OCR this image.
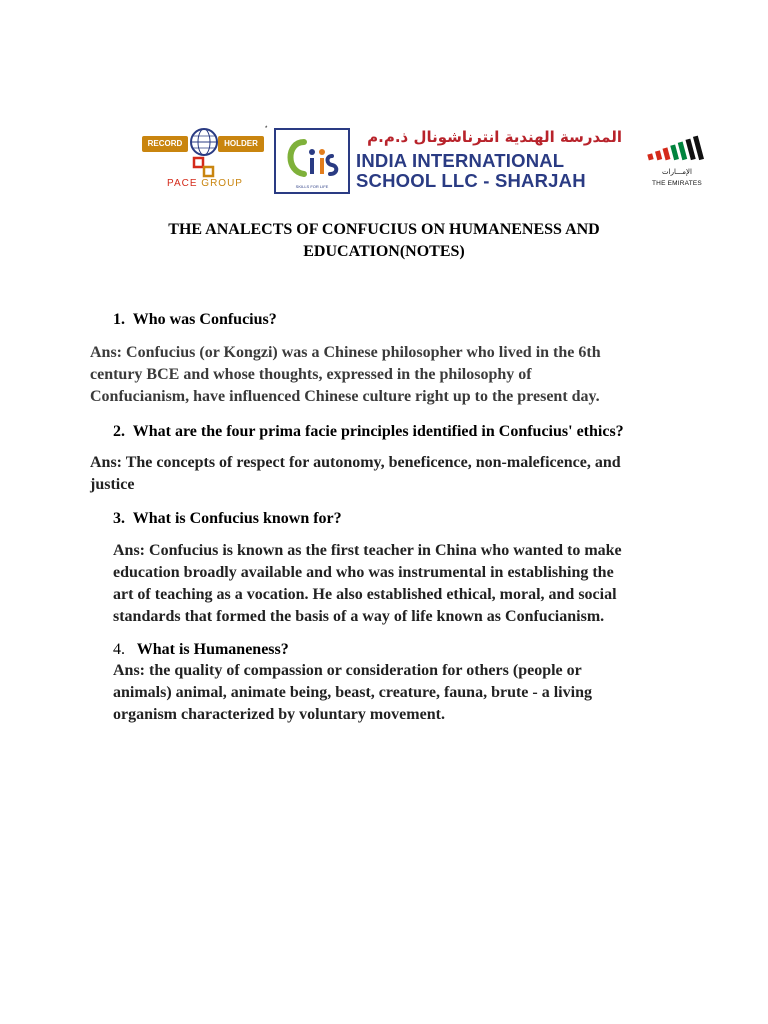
RECORD	HOLDER
PACE GROUP
*
SKILLS FOR LIFE
المدرسة الهندية انترناشونال ذ.م.م
INDIA INTERNATIONAL
SCHOOL LLC - SHARJAH	الإمـــارات
THE EMIRATES
THE ANALECTS OF CONFUCIUS ON HUMANENESS AND
EDUCATION(NOTES)
1. Who was Confucius?
Ans: Confucius (or Kongzi) was a Chinese philosopher who lived in the 6th
century BCE and whose thoughts, expressed in the philosophy of
Confucianism, have influenced Chinese culture right up to the present day.
2. What are the four prima facie principles identified in Confucius' ethics?
Ans: The concepts of respect for autonomy, beneficence, non-maleficence, and
justice
3. What is Confucius known for?
Ans: Confucius is known as the first teacher in China who wanted to make
education broadly available and who was instrumental in establishing the
art of teaching as a vocation. He also established ethical, moral, and social
standards that formed the basis of a way of life known as Confucianism.
4. What is Humaneness?
Ans: the quality of compassion or consideration for others (people or
animals) animal, animate being, beast, creature, fauna, brute - a living
organism characterized by voluntary movement.
